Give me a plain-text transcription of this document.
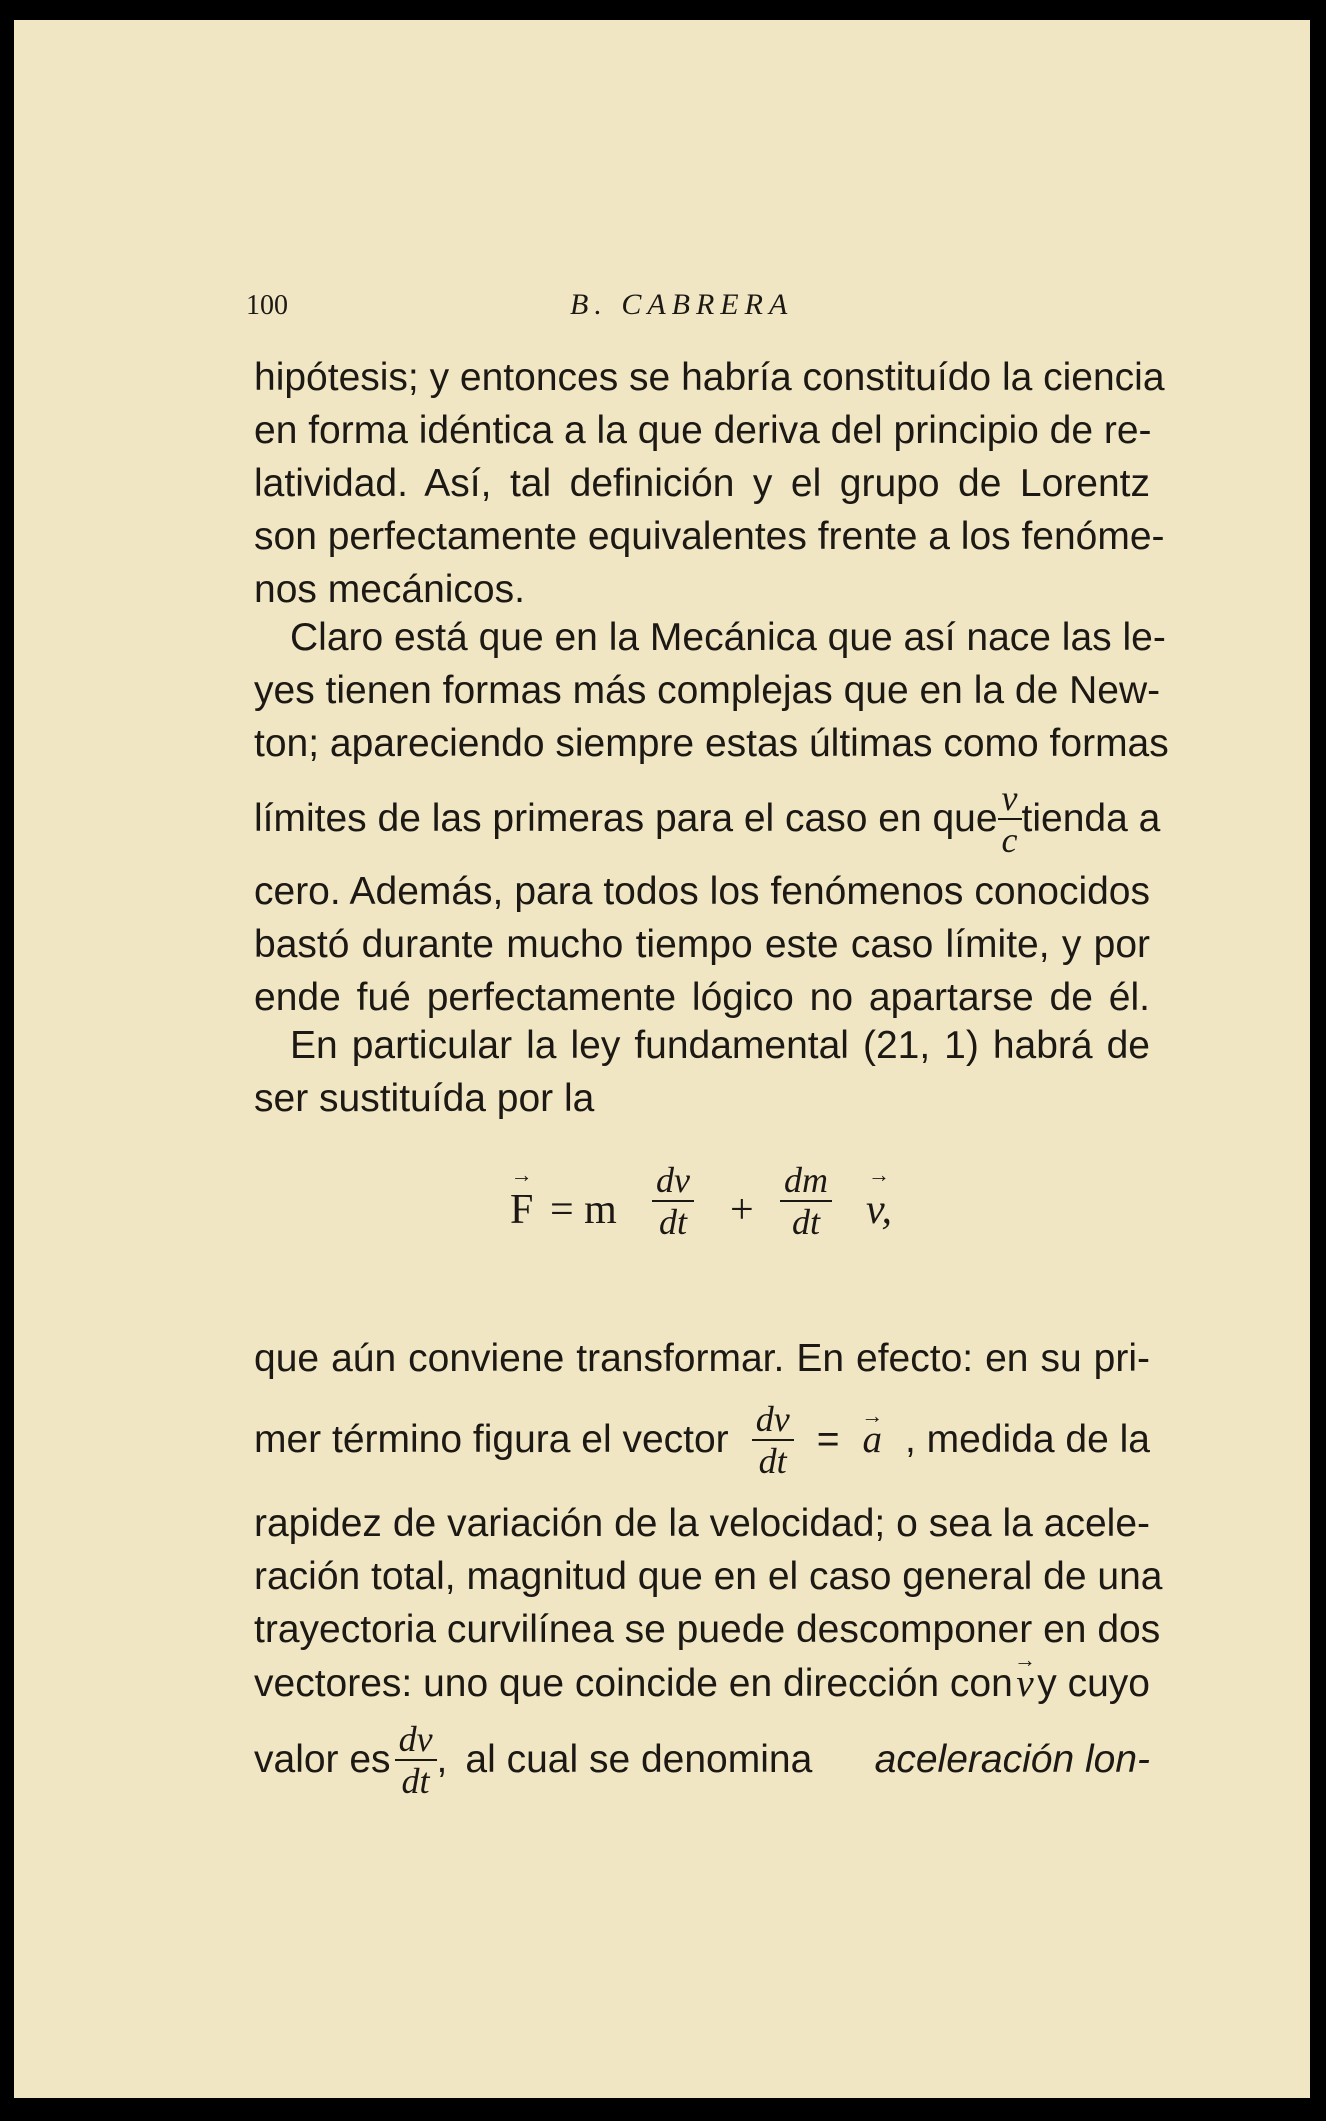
100	B. CABRERA
hipótesis; y entonces se habría constituído la ciencia
en forma idéntica a la que deriva del principio de re-
latividad. Así, tal definición y el grupo de Lorentz
son perfectamente equivalentes frente a los fenóme-
nos mecánicos.
Claro está que en la Mecánica que así nace las le-
yes tienen formas más complejas que en la de New-
ton; apareciendo siempre estas últimas como formas
límites de las primeras para el caso en que $\frac{v}{c}$ tienda a
cero. Además, para todos los fenómenos conocidos
bastó durante mucho tiempo este caso límite, y por
ende fué perfectamente lógico no apartarse de él.
En particular la ley fundamental (21, 1) habrá de
ser sustituída por la
→ F = m $\frac{dv}{dt} + \frac{dm}{dt}$
→ v,
que aún conviene transformar. En efecto: en su pri-
mer término figura el vector $\frac{dv}{dt}$ =
→ a , medida de la
rapidez de variación de la velocidad; o sea la acele-
ración total, magnitud que en el caso general de una
trayectoria curvilínea se puede descomponer en dos
vectores: uno que coincide en dirección con
→ v y cuyo
valor es $\frac{dv}{dt}$ , al cual se denomina aceleración lon-
